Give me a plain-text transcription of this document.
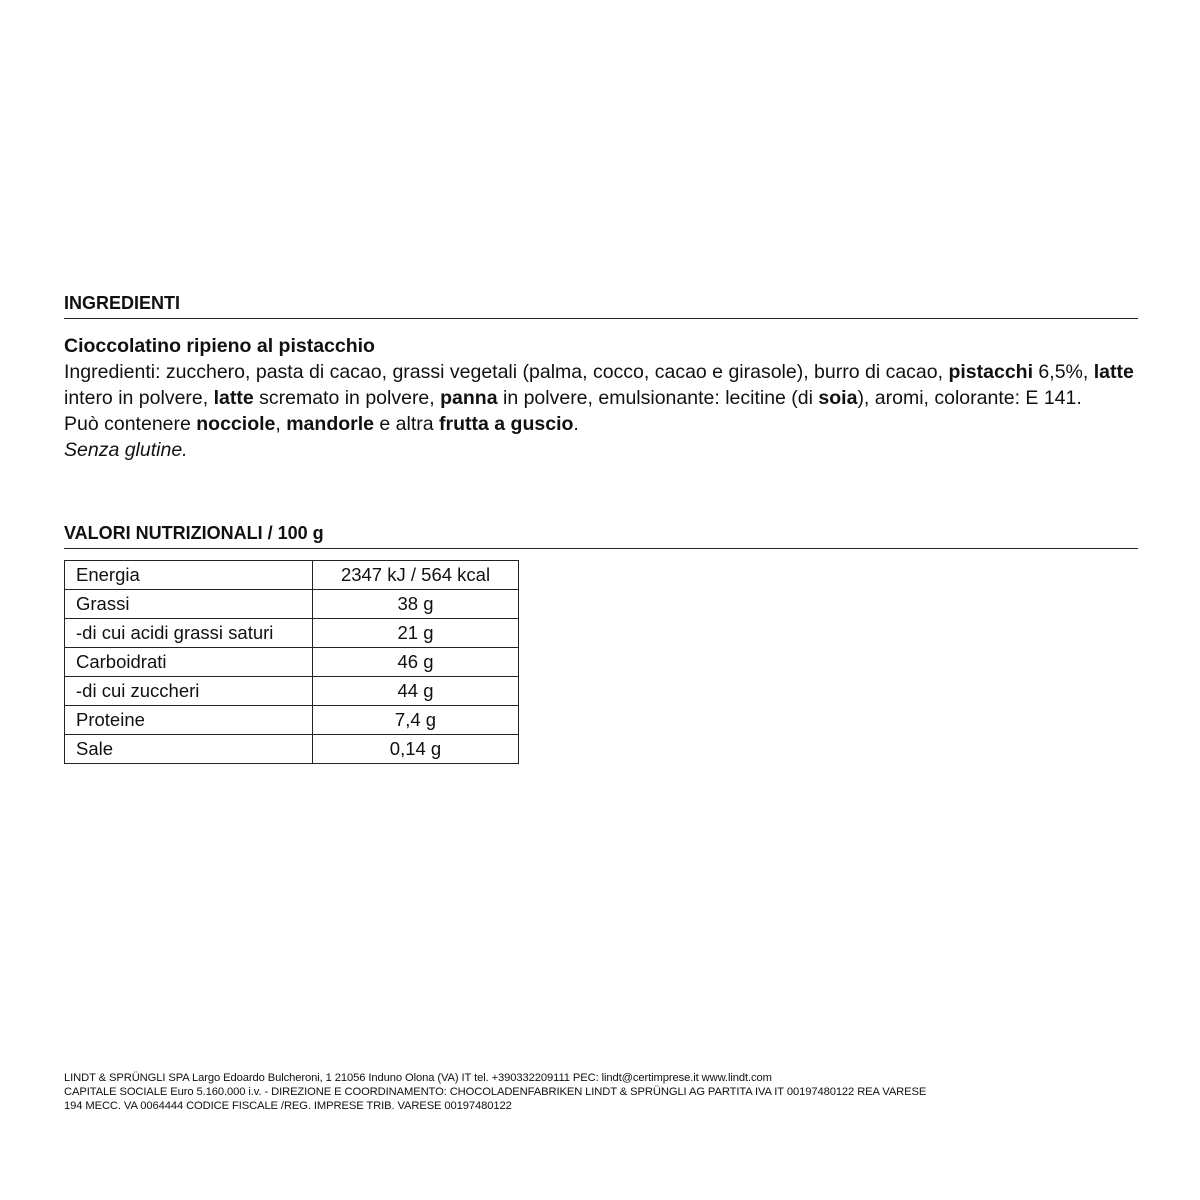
INGREDIENTI

Cioccolatino ripieno al pistacchio

Ingredienti: zucchero, pasta di cacao, grassi vegetali (palma, cocco, cacao e girasole), burro di cacao, pistacchi 6,5%, latte intero in polvere, latte scremato in polvere, panna in polvere, emulsionante: lecitine (di soia), aromi, colorante: E 141.

Può contenere nocciole, mandorle e altra frutta a guscio.

Senza glutine.

VALORI NUTRIZIONALI / 100 g
Energia	2347 kJ / 564 kcal
Grassi	38 g
-di cui acidi grassi saturi	21 g
Carboidrati	46 g
-di cui zuccheri	44 g
Proteine	7,4 g
Sale	0,14 g
LINDT & SPRÜNGLI SPA Largo Edoardo Bulcheroni, 1 21056 Induno Olona (VA) IT tel. +390332209111 PEC: lindt@certimprese.it www.lindt.com
CAPITALE SOCIALE Euro 5.160.000 i.v. - DIREZIONE E COORDINAMENTO: CHOCOLADENFABRIKEN LINDT & SPRÜNGLI AG PARTITA IVA IT 00197480122 REA VARESE
194 MECC. VA 0064444 CODICE FISCALE /REG. IMPRESE TRIB. VARESE 00197480122
